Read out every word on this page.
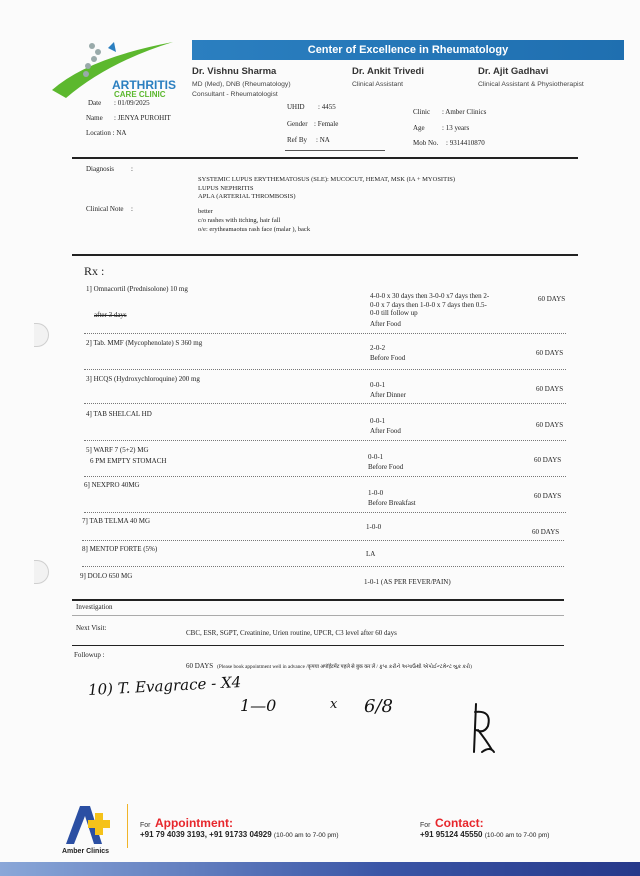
ARTHRITIS
CARE CLINIC
Center of Excellence in Rheumatology
Dr. Vishnu Sharma
MD (Med), DNB (Rheumatology)
Consultant - Rheumatologist
Dr. Ankit Trivedi
Clinical Assistant
Dr. Ajit Gadhavi
Clinical Assistant & Physiotherapist
Date : 01/09/2025
Name : JENYA PUROHIT
Location : NA
UHID : 4455
Gender : Female
Ref By : NA
Clinic : Amber Clinics
Age : 13 years
Mob No. : 9314410870
Diagnosis :
SYSTEMIC LUPUS ERYTHEMATOSUS (SLE): MUCOCUT, HEMAT, MSK (IA + MYOSITIS)
LUPUS NEPHRITIS
APLA (ARTERIAL THROMBOSIS)
Clinical Note :	better
c/o rashes with itching, hair fall
o/e: erytheamaotus rash face (malar ), back
Rx :
1] Omnacortil (Prednisolone) 10 mg
after 3 days
4-0-0 x 30 days then 3-0-0 x7 days then 2-
0-0 x 7 days then 1-0-0 x 7 days then 0.5-
0-0 till follow up
After Food
60 DAYS
2] Tab. MMF (Mycophenolate) S 360 mg
2-0-2
Before Food
60 DAYS
3] HCQS (Hydroxychloroquine) 200 mg
0-0-1
After Dinner
60 DAYS
4] TAB SHELCAL HD
0-0-1
After Food
60 DAYS
5] WARF 7 (5+2) MG
6 PM EMPTY STOMACH	0-0-1
Before Food
60 DAYS
6] NEXPRO 40MG
1-0-0
Before Breakfast
60 DAYS
7] TAB TELMA 40 MG
1-0-0
60 DAYS
8] MENTOP FORTE (5%)
LA
9] DOLO 650 MG
1-0-1 (AS PER FEVER/PAIN)
Investigation
Next Visit:
CBC, ESR, SGPT, Creatinine, Urien routine, UPCR, C3 level after 60 days
Followup :
60 DAYS (Please book appointment well in advance /कृपया अपॉईंटमेंट पहले से बुक कर लें / કૃપા કરીને અગાઉથી એપોઈન્ટમેન્ટ બુક કરો)
10) T. Evagrace - X4
1—0	x 6/8
Amber Clinics
For Appointment:
+91 79 4039 3193, +91 91733 04929 (10-00 am to 7-00 pm)
For Contact:
+91 95124 45550 (10-00 am to 7-00 pm)
